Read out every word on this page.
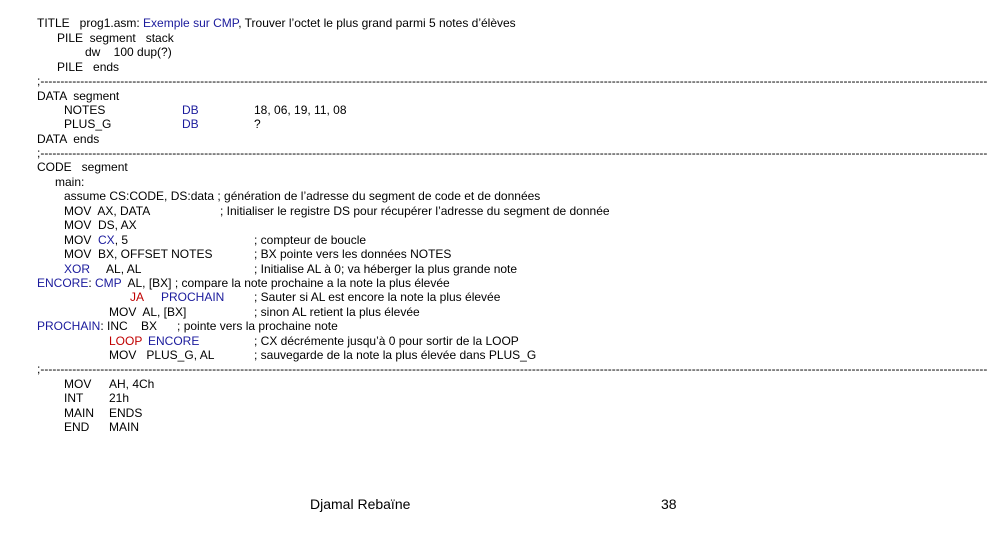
TITLE   prog1.asm: Exemple sur CMP, Trouver l’octet le plus grand parmi 5 notes d’élèves
PILE  segment   stack
dw    100 dup(?)
PILE   ends
;---------------------------------------------------------------------------------------------------------------------------------------------------------------------------------------------------------------------------------------------
DATA  segment
NOTES	DB	18, 06, 19, 11, 08
PLUS_G	DB	?
DATA  ends
;---------------------------------------------------------------------------------------------------------------------------------------------------------------------------------------------------------------------------------------------
CODE   segment
main:
assume CS:CODE, DS:data ; génération de l’adresse du segment de code et de données
MOV  AX, DATA	; Initialiser le registre DS pour récupérer l’adresse du segment de donnée
MOV  DS, AX
MOV  CX, 5	; compteur de boucle
MOV  BX, OFFSET NOTES	; BX pointe vers les données NOTES
XOR     AL, AL	; Initialise AL à 0; va héberger la plus grande note
ENCORE: CMP  AL, [BX] ; compare la note prochaine a la note la plus élevée
JA PROCHAIN ; Sauter si AL est encore la note la plus élevée
MOV  AL, [BX]	; sinon AL retient la plus élevée
PROCHAIN: INC    BX      ; pointe vers la prochaine note
LOOP ENCORE	; CX décrémente jusqu’à 0 pour sortir de la LOOP
MOV   PLUS_G, AL	; sauvegarde de la note la plus élevée dans PLUS_G
;---------------------------------------------------------------------------------------------------------------------------------------------------------------------------------------------------------------------------------------------
MOV AH, 4Ch
INT 21h
MAIN ENDS
END MAIN
Djamal Rebaïne	38
